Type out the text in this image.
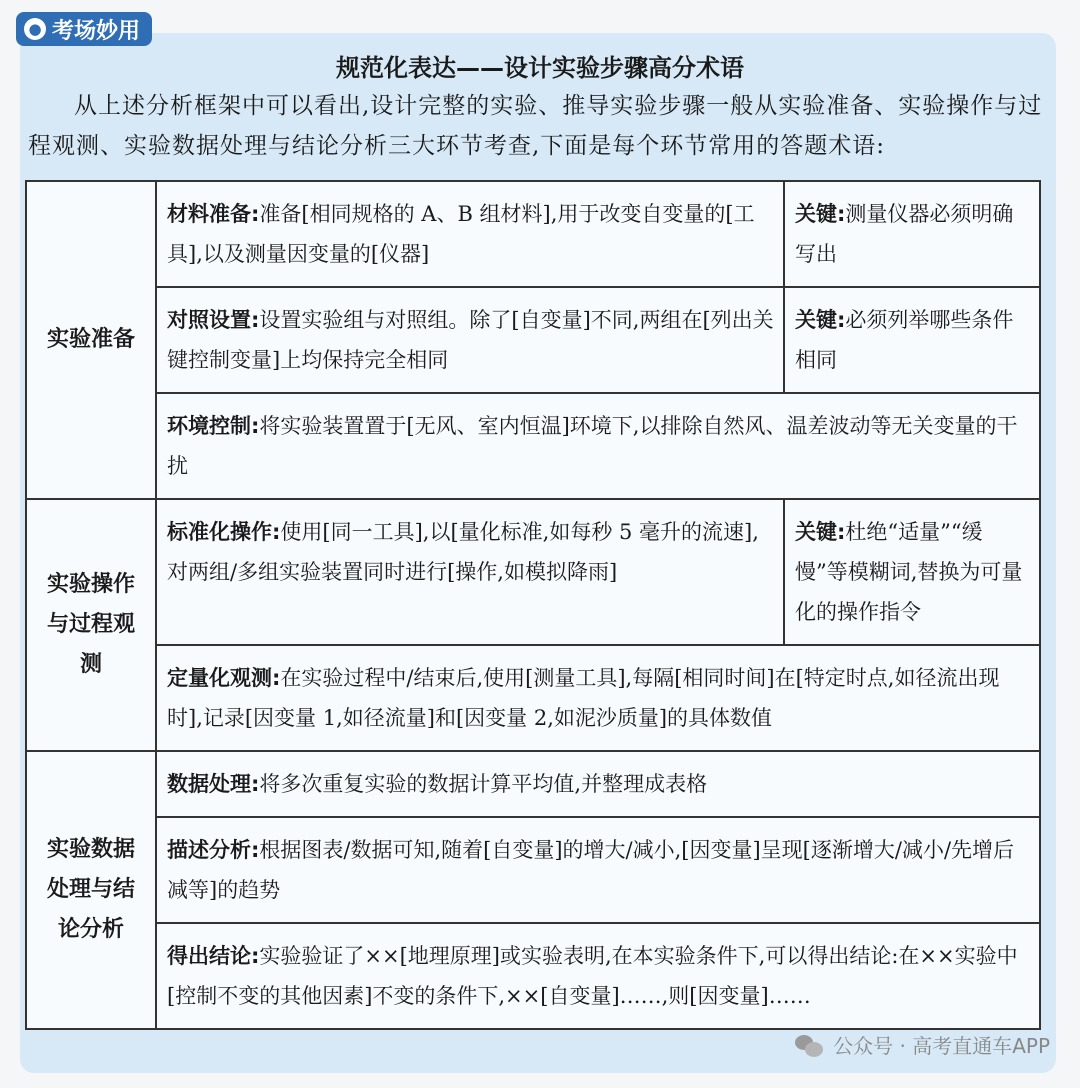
● 考场妙用
规范化表达——设计实验步骤高分术语
从上述分析框架中可以看出,设计完整的实验、推导实验步骤一般从实验准备、实验操作与过程观测、实验数据处理与结论分析三大环节考查,下面是每个环节常用的答题术语:
实验准备	材料准备:准备[相同规格的 A、B 组材料],用于改变自变量的[工具],以及测量因变量的[仪器]	关键:测量仪器必须明确写出
	对照设置:设置实验组与对照组。除了[自变量]不同,两组在[列出关键控制变量]上均保持完全相同	关键:必须列举哪些条件相同
	环境控制:将实验装置置于[无风、室内恒温]环境下,以排除自然风、温差波动等无关变量的干扰	
实验操作与过程观测	标准化操作:使用[同一工具],以[量化标准,如每秒 5 毫升的流速],对两组/多组实验装置同时进行[操作,如模拟降雨]	关键:杜绝“适量”“缓慢”等模糊词,替换为可量化的操作指令
	定量化观测:在实验过程中/结束后,使用[测量工具],每隔[相同时间]在[特定时点,如径流出现时],记录[因变量 1,如径流量]和[因变量 2,如泥沙质量]的具体数值	
实验数据处理与结论分析	数据处理:将多次重复实验的数据计算平均值,并整理成表格	
	描述分析:根据图表/数据可知,随着[自变量]的增大/减小,[因变量]呈现[逐渐增大/减小/先增后减等]的趋势	
	得出结论:实验验证了××[地理原理]或实验表明,在本实验条件下,可以得出结论:在××实验中[控制不变的其他因素]不变的条件下,××[自变量]……,则[因变量]……	
公众号 · 高考直通车APP
